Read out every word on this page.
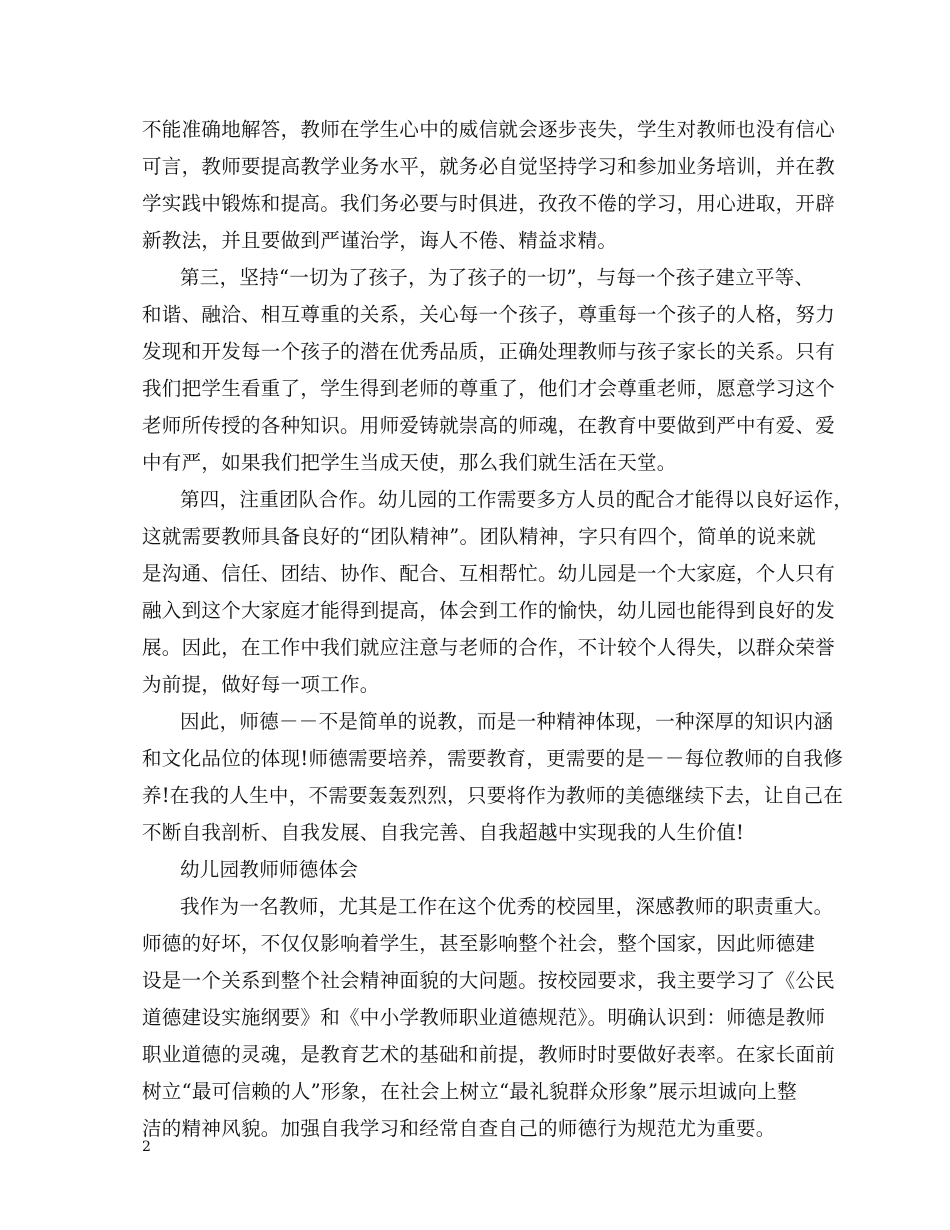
不能准确地解答，教师在学生心中的威信就会逐步丧失，学生对教师也没有信心
可言，教师要提高教学业务水平，就务必自觉坚持学习和参加业务培训，并在教
学实践中锻炼和提高。我们务必要与时俱进，孜孜不倦的学习，用心进取，开辟
新教法，并且要做到严谨治学，诲人不倦、精益求精。
第三，坚持“一切为了孩子，为了孩子的一切”，与每一个孩子建立平等、
和谐、融洽、相互尊重的关系，关心每一个孩子，尊重每一个孩子的人格，努力
发现和开发每一个孩子的潜在优秀品质，正确处理教师与孩子家长的关系。只有
我们把学生看重了，学生得到老师的尊重了，他们才会尊重老师，愿意学习这个
老师所传授的各种知识。用师爱铸就崇高的师魂，在教育中要做到严中有爱、爱
中有严，如果我们把学生当成天使，那么我们就生活在天堂。
第四，注重团队合作。幼儿园的工作需要多方人员的配合才能得以良好运作，
这就需要教师具备良好的“团队精神”。团队精神，字只有四个，简单的说来就
是沟通、信任、团结、协作、配合、互相帮忙。幼儿园是一个大家庭，个人只有
融入到这个大家庭才能得到提高，体会到工作的愉快，幼儿园也能得到良好的发
展。因此，在工作中我们就应注意与老师的合作，不计较个人得失，以群众荣誉
为前提，做好每一项工作。
因此，师德－－不是简单的说教，而是一种精神体现，一种深厚的知识内涵
和文化品位的体现!师德需要培养，需要教育，更需要的是－－每位教师的自我修
养!在我的人生中，不需要轰轰烈烈，只要将作为教师的美德继续下去，让自己在
不断自我剖析、自我发展、自我完善、自我超越中实现我的人生价值!
幼儿园教师师德体会
我作为一名教师，尤其是工作在这个优秀的校园里，深感教师的职责重大。
师德的好坏，不仅仅影响着学生，甚至影响整个社会，整个国家，因此师德建
设是一个关系到整个社会精神面貌的大问题。按校园要求，我主要学习了《公民
道德建设实施纲要》和《中小学教师职业道德规范》。明确认识到：师德是教师
职业道德的灵魂，是教育艺术的基础和前提，教师时时要做好表率。在家长面前
树立“最可信赖的人”形象，在社会上树立“最礼貌群众形象”展示坦诚向上整
洁的精神风貌。加强自我学习和经常自查自己的师德行为规范尤为重要。
2
